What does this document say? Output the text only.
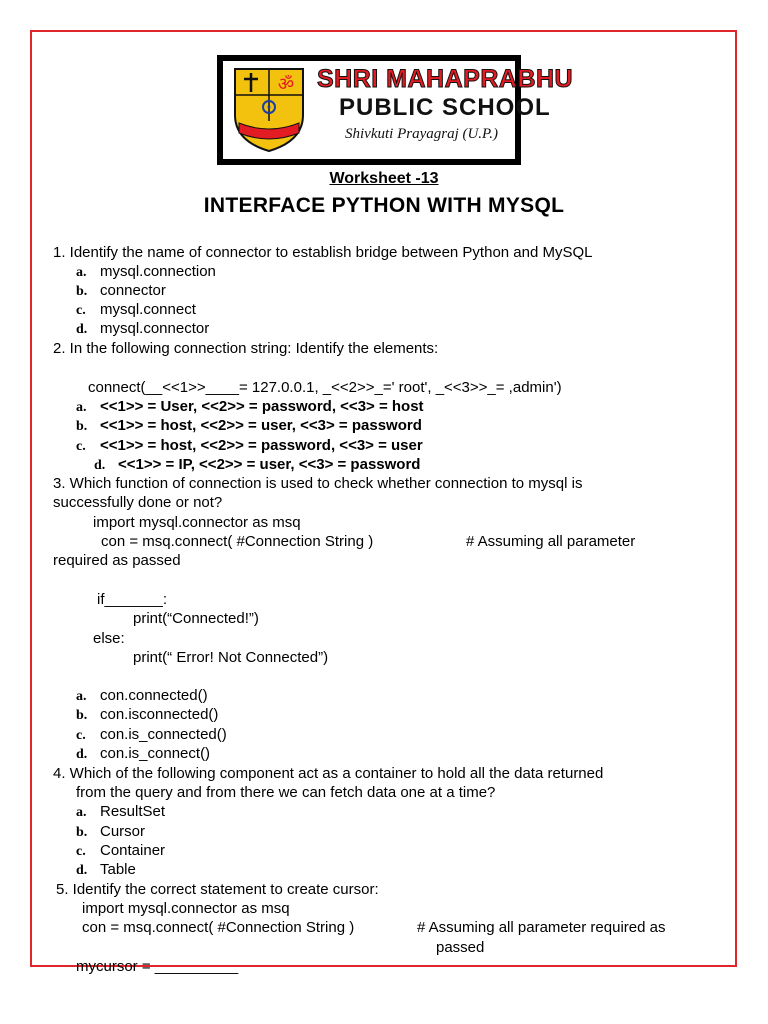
ॐ SHRI MAHAPRABHU
PUBLIC SCHOOL
Shivkuti Prayagraj (U.P.)
Worksheet -13
INTERFACE PYTHON WITH MYSQL
1. Identify the name of connector to establish bridge between Python and MySQL
a. mysql.connection
b. connector
c. mysql.connect
d. mysql.connector
2. In the following connection string: Identify the elements:
connect(__<<1>>____= 127.0.0.1, _<<2>>_=' root', _<<3>>_= ,admin')
a. <<1>> = User, <<2>> = password, <<3> = host
b. <<1>> = host, <<2>> = user, <<3> = password
c. <<1>> = host, <<2>> = password, <<3> = user
d. <<1>> = IP, <<2>> = user, <<3> = password
3. Which function of connection is used to check whether connection to mysql is
successfully done or not?
import mysql.connector as msq
con = msq.connect( #Connection String )	# Assuming all parameter
required as passed
if_______:
print(“Connected!”)
else:
print(“ Error! Not Connected”)
a. con.connected()
b. con.isconnected()
c. con.is_connected()
d. con.is_connect()
4. Which of the following component act as a container to hold all the data returned
from the query and from there we can fetch data one at a time?
a. ResultSet
b. Cursor
c. Container
d. Table
5. Identify the correct statement to create cursor:
import mysql.connector as msq
con = msq.connect( #Connection String )	# Assuming all parameter required as
passed
mycursor = __________
